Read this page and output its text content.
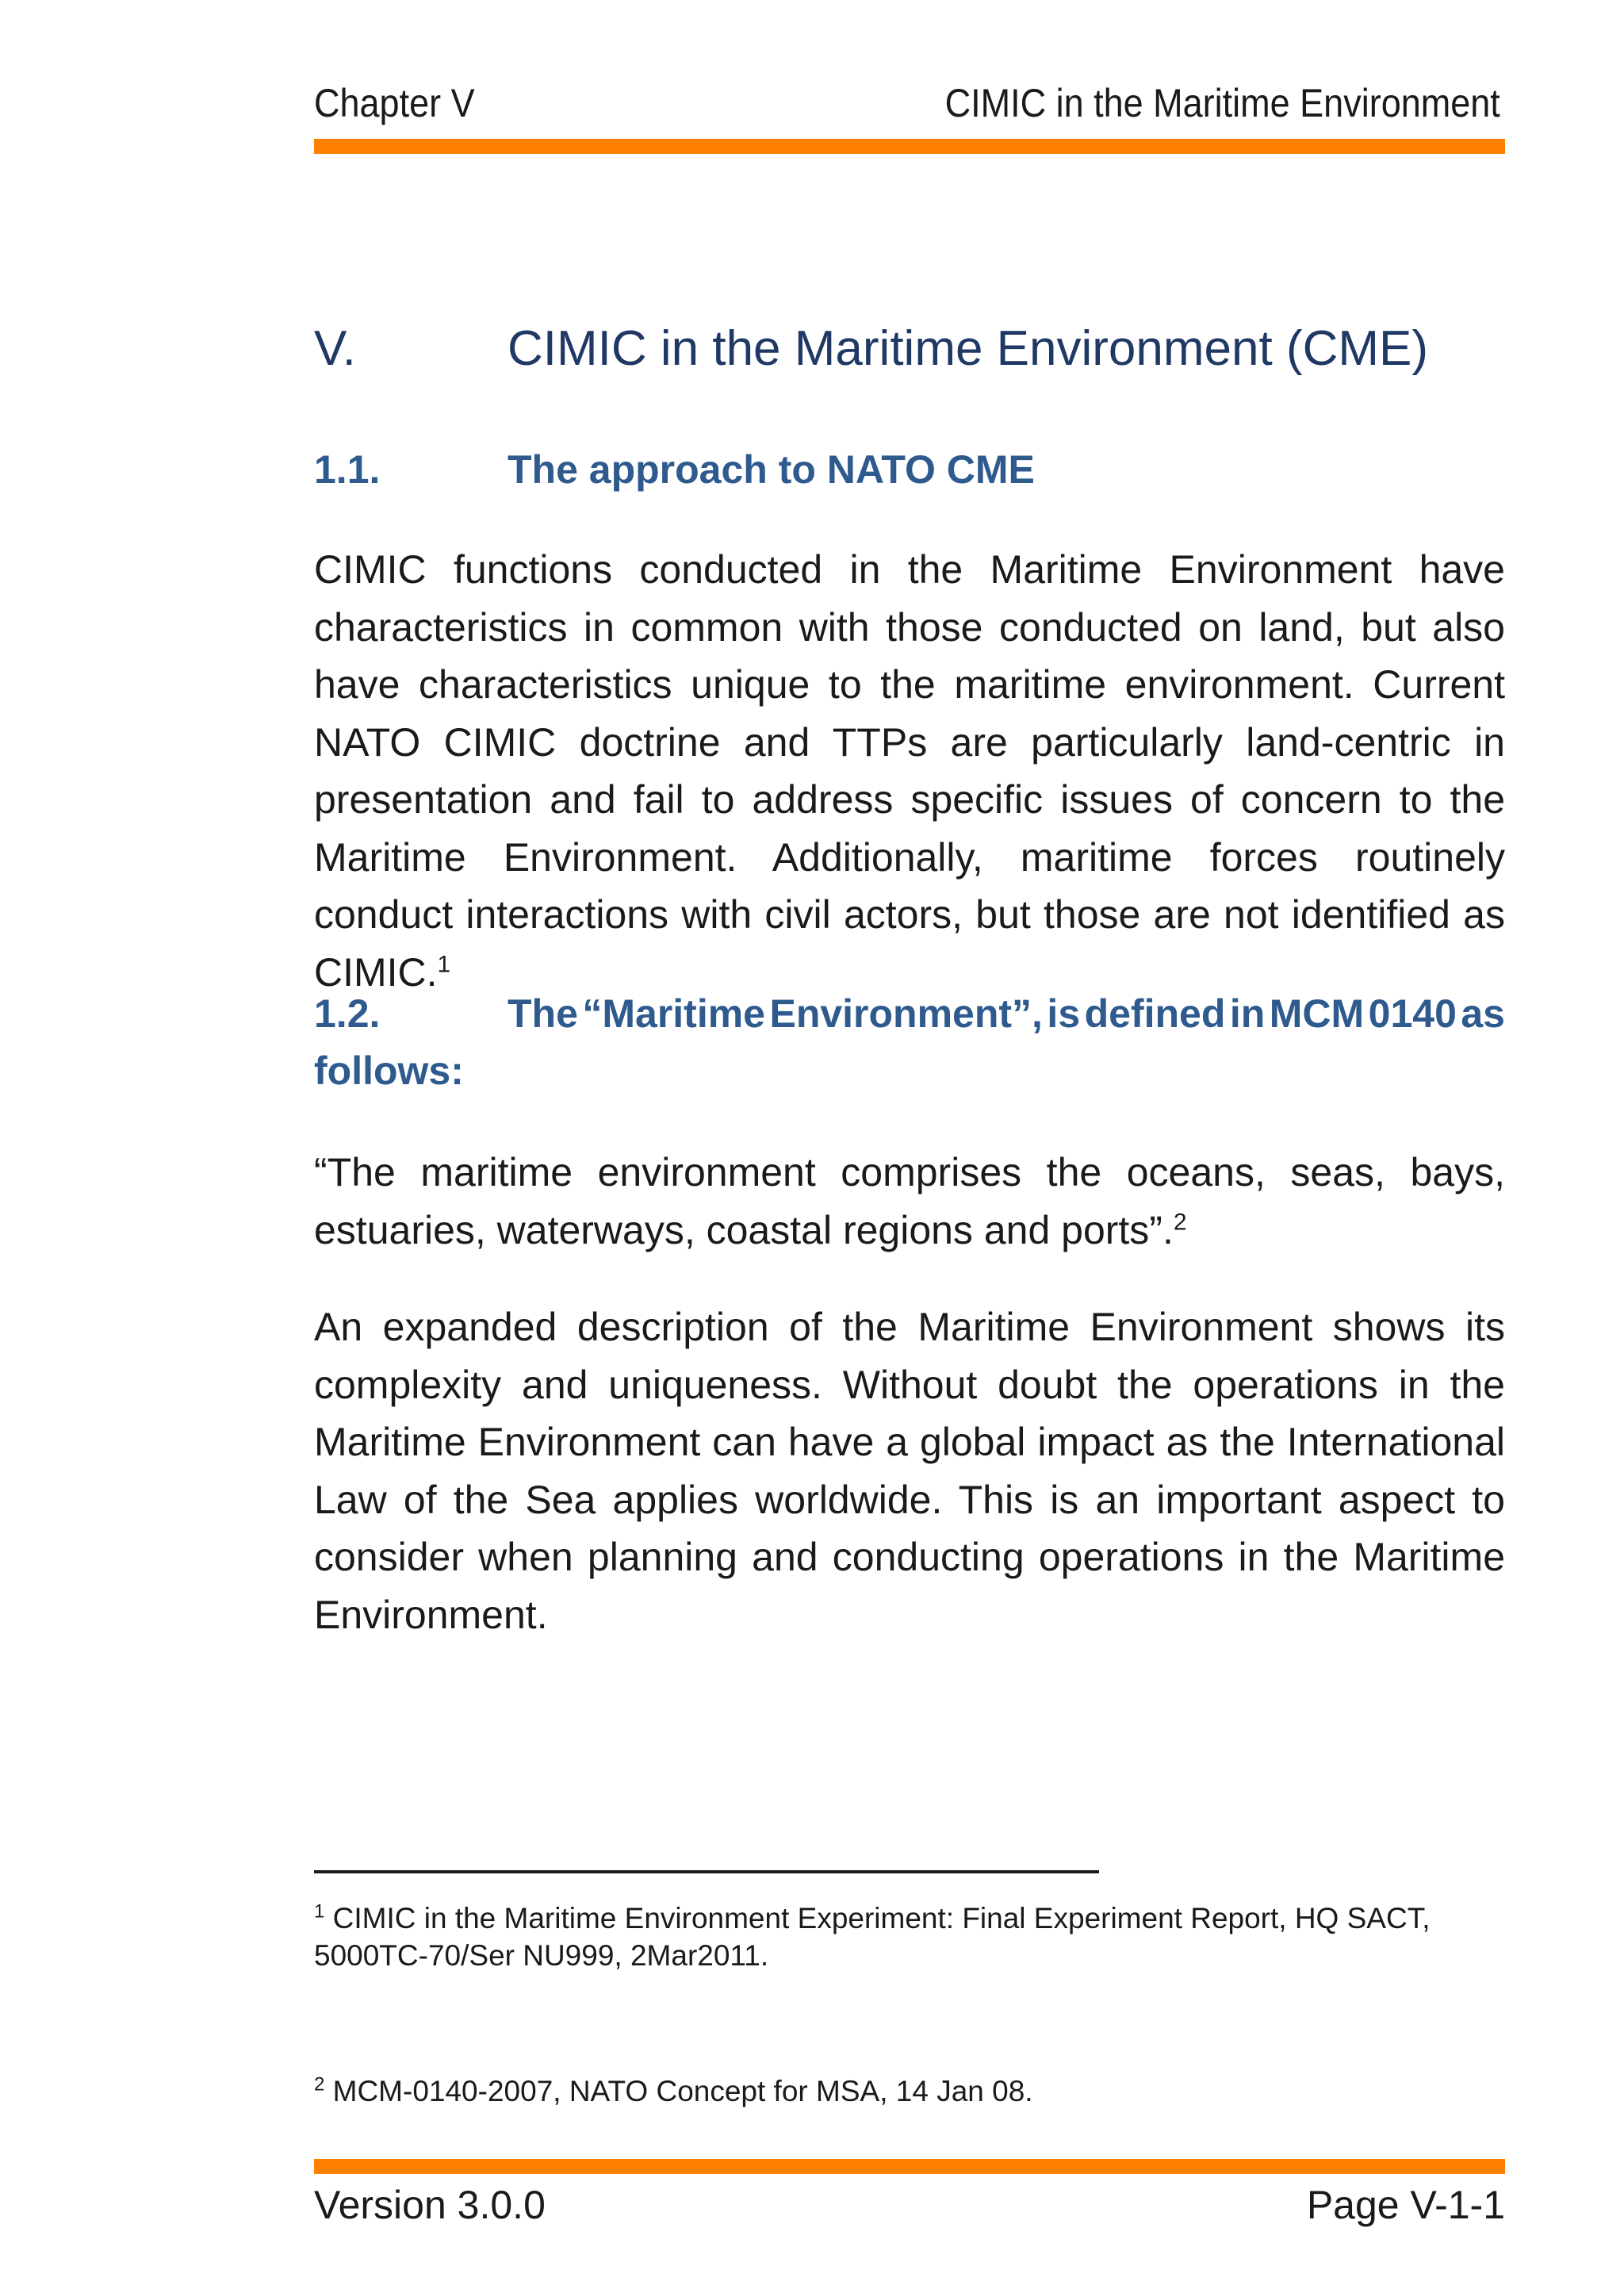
Chapter V	CIMIC in the Maritime Environment
V.	CIMIC in the Maritime Environment (CME)
1.1.	The approach to NATO CME
CIMIC functions conducted in the Maritime Environment have characteristics in common with those conducted on land, but also have characteristics unique to the maritime environment. Current NATO CIMIC doctrine and TTPs are particularly land-centric in presentation and fail to address specific issues of concern to the Maritime Environment. Additionally, maritime forces routinely conduct interactions with civil actors, but those are not identified as CIMIC.$^1$
1.2.	The “Maritime Environment”, is defined in MCM 0140 as
follows:
“The maritime environment comprises the oceans, seas, bays, estuaries, waterways, coastal regions and ports”.$^2$
An expanded description of the Maritime Environment shows its complexity and uniqueness. Without doubt the operations in the Maritime Environment can have a global impact as the International Law of the Sea applies worldwide. This is an important aspect to consider when planning and conducting operations in the Maritime Environment.
$^1$ CIMIC in the Maritime Environment Experiment: Final Experiment Report, HQ SACT, 5000TC-70/Ser NU999, 2Mar2011.
$^2$ MCM-0140-2007, NATO Concept for MSA, 14 Jan 08.
Version 3.0.0	Page V-1-1
